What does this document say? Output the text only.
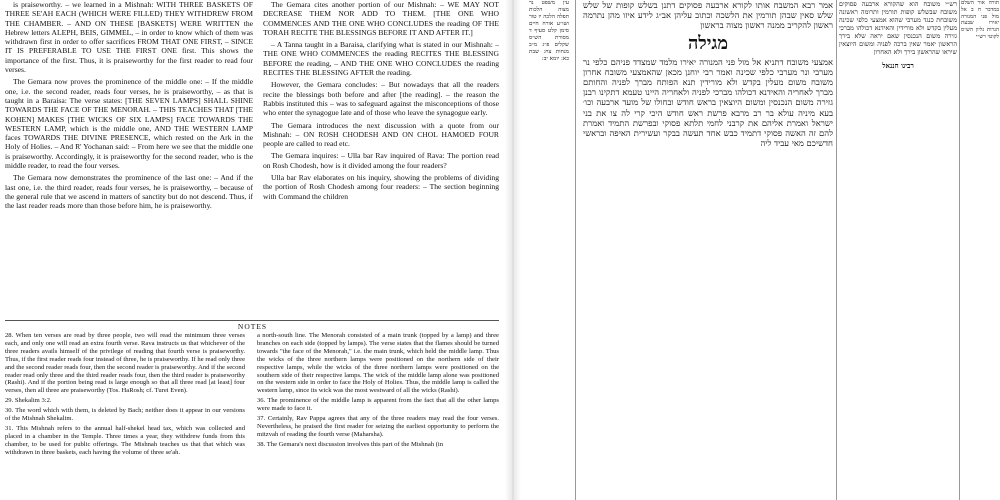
is praiseworthy. – we learned in a Mishnah: WITH THREE BASKETS OF THREE SE'AH EACH (WHICH WERE FILLED) THEY WITHDREW FROM THE CHAMBER. – AND ON THESE [BASKETS] WERE WRITTEN the Hebrew letters ALEPH, BEIS, GIMMEL, – in order to know which of them was withdrawn first in order to offer sacrifices FROM THAT ONE FIRST, – SINCE IT IS PREFERABLE TO USE THE FIRST ONE first. This shows the importance of the first. Thus, it is praiseworthy for the first reader to read four verses.

The Gemara now proves the prominence of the middle one: – If the middle one, i.e. the second reader, reads four verses, he is praiseworthy, – as that is taught in a Baraisa: The verse states: [THE SEVEN LAMPS] SHALL SHINE TOWARDS THE FACE OF THE MENORAH. – THIS TEACHES THAT [THE KOHEN] MAKES [THE WICKS OF SIX LAMPS] FACE TOWARDS THE WESTERN LAMP, which is the middle one, AND THE WESTERN LAMP faces TOWARDS THE DIVINE PRESENCE, which rested on the Ark in the Holy of Holies. – And R' Yochanan said: – From here we see that the middle one is praiseworthy. Accordingly, it is praiseworthy for the second reader, who is the middle reader, to read the four verses.

The Gemara now demonstrates the prominence of the last one: – And if the last one, i.e. the third reader, reads four verses, he is praiseworthy, – because of the general rule that we ascend in matters of sanctity but do not descend. Thus, if the last reader reads more than those before him, he is praiseworthy.

The Gemara cites another portion of our Mishnah: – WE MAY NOT DECREASE THEM NOR ADD TO THEM. [THE ONE WHO COMMENCES AND THE ONE WHO CONCLUDES the reading OF THE TORAH RECITE THE BLESSINGS BEFORE IT AND AFTER IT.]

– A Tanna taught in a Baraisa, clarifying what is stated in our Mishnah: – THE ONE WHO COMMENCES the reading RECITES THE BLESSING BEFORE the reading, – AND THE ONE WHO CONCLUDES the reading RECITES THE BLESSING AFTER the reading.

However, the Gemara concludes: – But nowadays that all the readers recite the blessings both before and after [the reading]. – the reason the Rabbis instituted this – was to safeguard against the misconceptions of those who enter the synagogue late and of those who leave the synagogue early.

The Gemara introduces the next discussion with a quote from our Mishnah: – ON ROSH CHODESH AND ON CHOL HAMOED FOUR people are called to read etc.

The Gemara inquires: – Ulla bar Rav inquired of Rava: The portion read on Rosh Chodesh, how is it divided among the four readers?

Ulla bar Rav elaborates on his inquiry, showing the problems of dividing the portion of Rosh Chodesh among four readers: – The section beginning with Command the children

NOTES

28. When ten verses are read by three people, two will read the minimum three verses each, and only one will read an extra fourth verse. Rava instructs us that whichever of the three readers avails himself of the privilege of reading that fourth verse is praiseworthy. Thus, if the first reader reads four instead of three, he is praiseworthy. If he read only three and the second reader reads four, then the second reader is praiseworthy. And if the second reader read only three and the third reader reads four, then the third reader is praiseworthy (Rashi). And if the portion being read is large enough so that all three read [at least] four verses, then all three are praiseworthy (Tos. HaRosh; cf. Turei Even).

29. Shekalim 3:2.

30. The word which with them, is deleted by Bach; neither does it appear in our versions of the Mishnah Shekalim.

31. This Mishnah refers to the annual half-shekel head tax, which was collected and placed in a chamber in the Temple. Three times a year, they withdrew funds from this chamber, to be used for public offerings. The Mishnah teaches us that that which was withdrawn in three baskets, each having the volume of three se'ah.

a north-south line. The Menorah consisted of a main trunk (topped by a lamp) and three branches on each side (topped by lamps). The verse states that the flames should be turned towards "the face of the Menorah," i.e. the main trunk, which held the middle lamp. Thus the wicks of the three northern lamps were positioned on the northern side of their respective lamps, while the wicks of the three northern lamps were positioned on the southern side of their respective lamps. The wick of the middle lamp alone was positioned on the western side in order to face the Holy of Holies. Thus, the middle lamp is called the western lamp, since its wick was the most westward of all the wicks (Rashi).

36. The prominence of the middle lamp is apparent from the fact that all the other lamps were made to face it.

37. Certainly, Rav Pappa agrees that any of the three readers may read the four verses. Nevertheless, he praised the first reader for seizing the earliest opportunity to perform the mitzvah of reading the fourth verse (Maharsha).

38. The Gemara's next discussion involves this part of the Mishnah (in

עין משפט נר מצוה הלכות תפלה הלכה יז טור ושו״ע אורח חיים סימן קלט סעיף ד מסורת הש״ס שקלים פ״ג מ״ב מנחות צח: שבת כא: יומא יב:
אמר רבא המשבח אותו לקורא ארבעה פסוקים דתנן בשלש קופות של שלש שלש סאין שבהן תורמין את הלשכה וכתוב עליהן אב״ג לידע איזו מהן נתרמה ראשון להקריב ממנה ראשון מצוה בראשון
מגילה
אמצעי משובח דתניא אל מול פני המנורה יאירו מלמד שמצדד פניהם כלפי נר מערבי ונר מערבי כלפי שכינה ואמר רבי יוחנן מכאן שהאמצעי משובח אחרון משובח משום מעלין בקדש ולא מורידין תנא הפותח מברך לפניה והחותם מברך לאחריה והאידנא דכולהו מברכי לפניה ולאחריה היינו טעמא דתקינו רבנן גזירה משום הנכנסין ומשום היוצאין בראש חודש ובחולו של מועד ארבעה וכו׳ בעא מיניה עולא בר רב מרבא פרשת ראש חודש היכי קרי לה צו את בני ישראל ואמרת אליהם את קרבני לחמי תלתא פסוקי ובפרשת התמיד ואמרת להם זה האשה פסוקי דתמיד כבש אחד תעשה בבקר ועשירית האיפה ובראשי חדשיכם מאי עביד ליה
רש״י משובח הוא שהקורא ארבעה פסוקים משובח שבשלש קופות תורמין ותרומה ראשונה משובחת כנגד מערבי שהוא אמצעי כלפי שכינה מעלין בקדש ולא מורידין והאידנא דכולהו מברכי גזירה משום הנכנסין שאם יראה שלא בירך הראשון יאמר שאין ברכה לפניה ומשום היוצאין שיראו שהראשון בירך ולא האחרון
רבינו חננאל
תורה אור השלם במדבר ח ב אל מול פני המנורה יאירו שבעת הנרות גליון הש״ס לקוטי רש״י
